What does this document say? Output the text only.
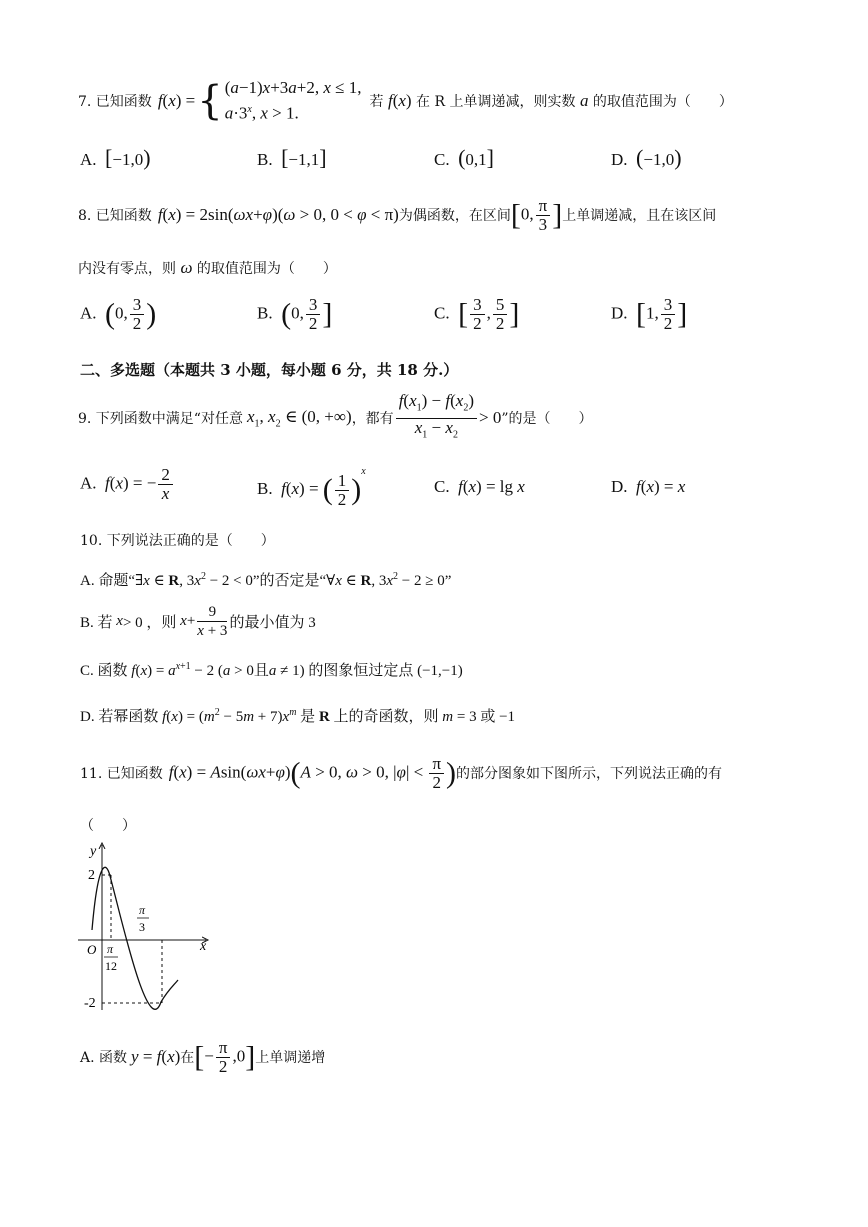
7. 已知函数 f ( x ) = { (a−1)x+3a+2, x ≤ 1,
$a\cdot 3^x$, x > 1.
若 f(x) 在 R 上单调递减，则实数 a 的取值范围为（　　）
A.  [−1,0)	B.  [−1,1]	C.  (0,1]	D.  (−1,0)
8. 已知函数 f(x) = 2sin(ωx+φ)(ω > 0, 0 < φ < π) 为偶函数，在区间 [0, $\frac{\pi}{3}$ ] 上单调递减，且在该区间
内没有零点，则 ω 的取值范围为（　　）
A.  (0, $\frac{3}{2}$ )	B.  (0, $\frac{3}{2}$ ]	C.  [ $\frac{3}{2}$ , $\frac{5}{2}$ ]	D.  [1, $\frac{3}{2}$ ]
二、多选题（本题共 3 小题，每小题 6 分，共 18 分.）
9. 下列函数中满足“对任意 $x_1$, $x_2$ ∈ (0, +∞) ，都有 $\frac{f(x_1) - f(x_2)}{x_1 - x_2} > 0$”的是（　　）
A.  f(x) = − $\frac{2}{x}$	B.  f(x) = ( $\frac{1}{2} )^x$
C.  f(x) = lg x	D.  f(x) = x
10. 下列说法正确的是（　　）
A. 命题“∃x ∈ R, $3x^2 - 2 < 0$”的否定是“∀x ∈ R, $3x^2 - 2 \ge 0$”
B. 若 x > 0 ，则 $x + \frac{9}{x + 3}$ 的最小值为 3
C. 函数 $f(x) = a^{x+1} - 2$ (a > 0且a ≠ 1) 的图象恒过定点 (−1,−1)
D. 若幂函数 $f(x) = (m^2 - 5m + 7)x^m$ 是 R 上的奇函数，则 m = 3 或 −1
11. 已知函数 f(x) = Asin(ωx+φ)(A > 0, ω > 0, $|\varphi| < \frac{\pi}{2}$ ) 的部分图象如下图所示，下列说法正确的有
（　　）
y
x
O
2
-2
π
12
π
3
A. 函数 y = f(x) 在 [− $\frac{\pi}{2} ,0$] 上单调递增
